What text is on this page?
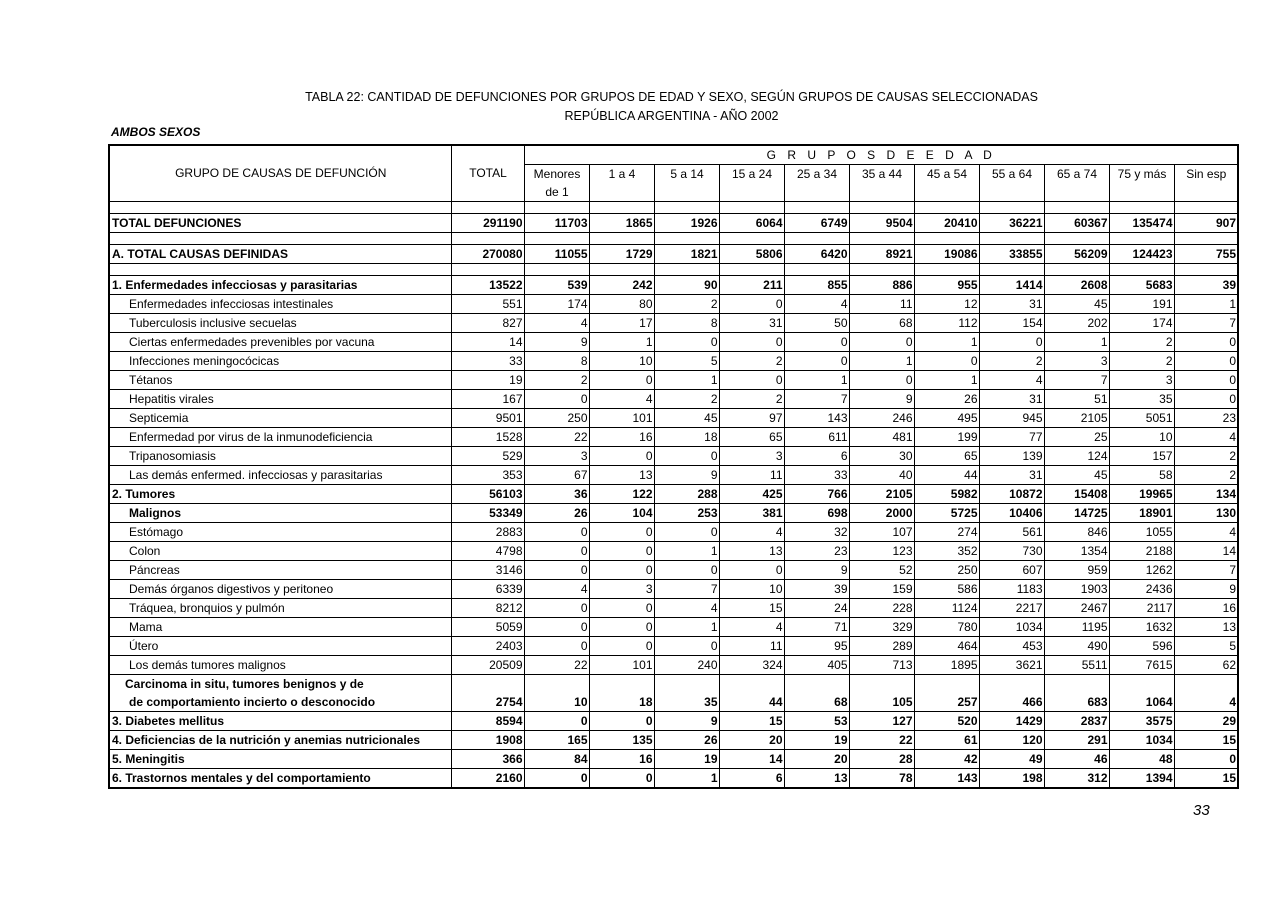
TABLA 22: CANTIDAD DE DEFUNCIONES POR GRUPOS DE EDAD Y SEXO, SEGÚN GRUPOS DE CAUSAS SELECCIONADAS
REPÚBLICA ARGENTINA - AÑO 2002
AMBOS SEXOS
GRUPO DE CAUSAS DE DEFUNCIÓN	TOTAL	G R U P O S D E E D A D										
		Menores	1 a 4	5 a 14	15 a 24	25 a 34	35 a 44	45 a 54	55 a 64	65 a 74	75 y más	Sin esp
		de 1										

TOTAL DEFUNCIONES	291190	11703	1865	1926	6064	6749	9504	20410	36221	60367	135474	907

A. TOTAL CAUSAS DEFINIDAS	270080	11055	1729	1821	5806	6420	8921	19086	33855	56209	124423	755

1. Enfermedades infecciosas y parasitarias	13522	539	242	90	211	855	886	955	1414	2608	5683	39
Enfermedades infecciosas intestinales	551	174	80	2	0	4	11	12	31	45	191	1
Tuberculosis inclusive secuelas	827	4	17	8	31	50	68	112	154	202	174	7
Ciertas enfermedades prevenibles por vacuna	14	9	1	0	0	0	0	1	0	1	2	0
Infecciones meningocócicas	33	8	10	5	2	0	1	0	2	3	2	0
Tétanos	19	2	0	1	0	1	0	1	4	7	3	0
Hepatitis virales	167	0	4	2	2	7	9	26	31	51	35	0
Septicemia	9501	250	101	45	97	143	246	495	945	2105	5051	23
Enfermedad por virus de la inmunodeficiencia	1528	22	16	18	65	611	481	199	77	25	10	4
Tripanosomiasis	529	3	0	0	3	6	30	65	139	124	157	2
Las demás enfermed. infecciosas y parasitarias	353	67	13	9	11	33	40	44	31	45	58	2
2. Tumores	56103	36	122	288	425	766	2105	5982	10872	15408	19965	134
Malignos	53349	26	104	253	381	698	2000	5725	10406	14725	18901	130
Estómago	2883	0	0	0	4	32	107	274	561	846	1055	4
Colon	4798	0	0	1	13	23	123	352	730	1354	2188	14
Páncreas	3146	0	0	0	0	9	52	250	607	959	1262	7
Demás órganos digestivos y peritoneo	6339	4	3	7	10	39	159	586	1183	1903	2436	9
Tráquea, bronquios y pulmón	8212	0	0	4	15	24	228	1124	2217	2467	2117	16
Mama	5059	0	0	1	4	71	329	780	1034	1195	1632	13
Útero	2403	0	0	0	11	95	289	464	453	490	596	5
Los demás tumores malignos	20509	22	101	240	324	405	713	1895	3621	5511	7615	62
Carcinoma in situ, tumores benignos y de												
de comportamiento incierto o desconocido	2754	10	18	35	44	68	105	257	466	683	1064	4
3. Diabetes mellitus	8594	0	0	9	15	53	127	520	1429	2837	3575	29
4. Deficiencias de la nutrición y anemias nutricionales	1908	165	135	26	20	19	22	61	120	291	1034	15
5. Meningitis	366	84	16	19	14	20	28	42	49	46	48	0
6. Trastornos mentales y del comportamiento	2160	0	0	1	6	13	78	143	198	312	1394	15
33
